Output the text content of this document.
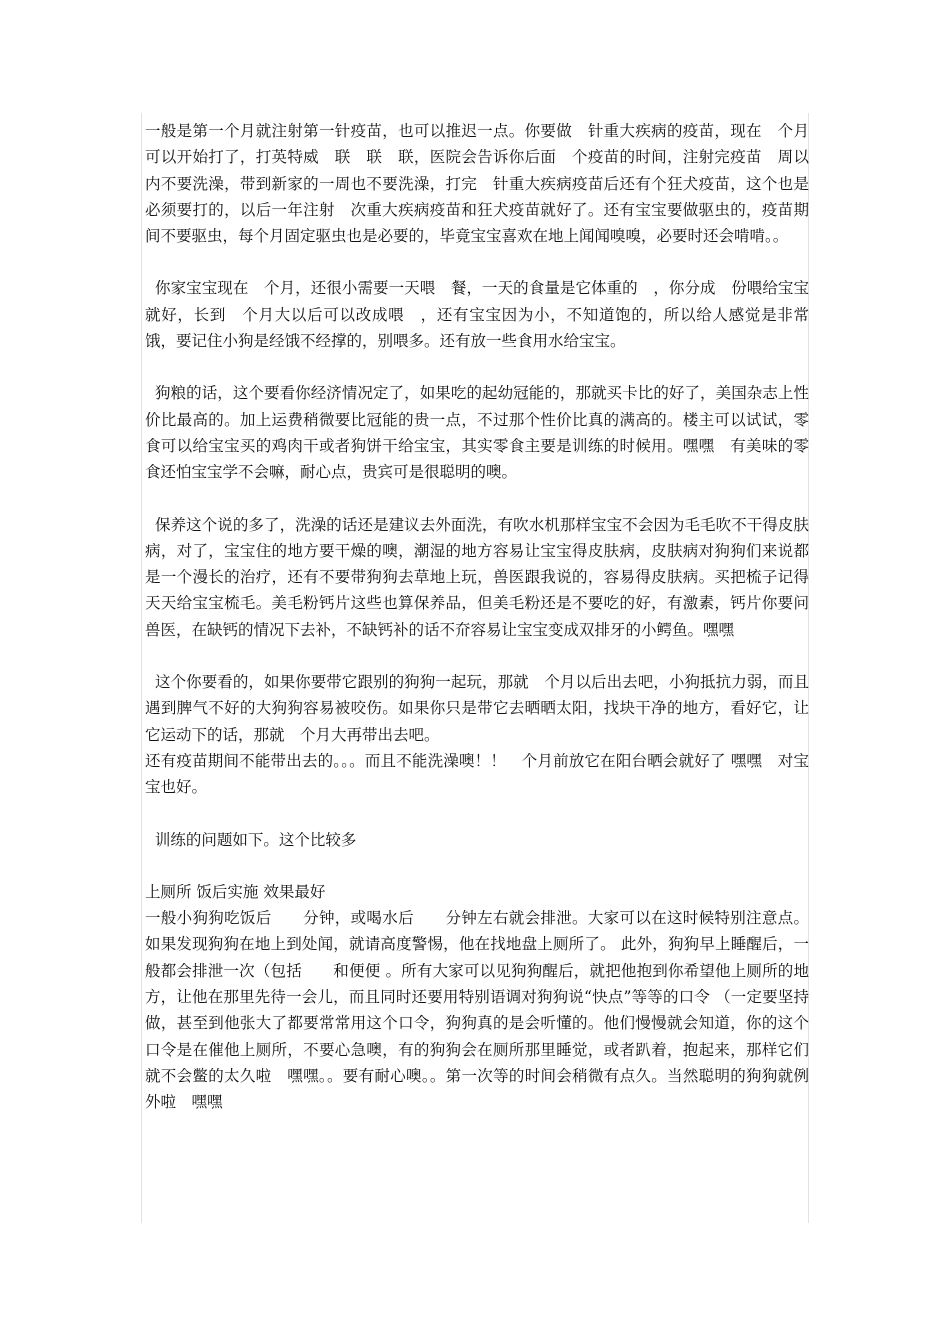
一般是第一个月就注射第一针疫苗，也可以推迟一点。你要做　针重大疾病的疫苗，现在　个月可以开始打了，打英特威　联　联　联，医院会告诉你后面　个疫苗的时间，注射完疫苗　周以内不要洗澡，带到新家的一周也不要洗澡，打完　针重大疾病疫苗后还有个狂犬疫苗，这个也是必须要打的，以后一年注射　次重大疾病疫苗和狂犬疫苗就好了。还有宝宝要做驱虫的，疫苗期间不要驱虫，每个月固定驱虫也是必要的，毕竟宝宝喜欢在地上闻闻嗅嗅，必要时还会啃啃。。

你家宝宝现在　个月，还很小需要一天喂　餐，一天的食量是它体重的　，你分成　份喂给宝宝就好，长到　个月大以后可以改成喂　，还有宝宝因为小，不知道饱的，所以给人感觉是非常饿，要记住小狗是经饿不经撑的，别喂多。还有放一些食用水给宝宝。

狗粮的话，这个要看你经济情况定了，如果吃的起幼冠能的，那就买卡比的好了，美国杂志上性价比最高的。加上运费稍微要比冠能的贵一点，不过那个性价比真的满高的。楼主可以试试，零食可以给宝宝买的鸡肉干或者狗饼干给宝宝，其实零食主要是训练的时候用。嘿嘿　有美味的零食还怕宝宝学不会嘛，耐心点，贵宾可是很聪明的噢。

保养这个说的多了，洗澡的话还是建议去外面洗，有吹水机那样宝宝不会因为毛毛吹不干得皮肤病，对了，宝宝住的地方要干燥的噢，潮湿的地方容易让宝宝得皮肤病，皮肤病对狗狗们来说都是一个漫长的治疗，还有不要带狗狗去草地上玩，兽医跟我说的，容易得皮肤病。买把梳子记得天天给宝宝梳毛。美毛粉钙片这些也算保养品，但美毛粉还是不要吃的好，有激素，钙片你要问兽医，在缺钙的情况下去补，不缺钙补的话不夼容易让宝宝变成双排牙的小鳄鱼。嘿嘿

这个你要看的，如果你要带它跟别的狗狗一起玩，那就　个月以后出去吧，小狗抵抗力弱，而且遇到脾气不好的大狗狗容易被咬伤。如果你只是带它去晒晒太阳，找块干净的地方，看好它，让它运动下的话，那就　个月大再带出去吧。

还有疫苗期间不能带出去的。。。而且不能洗澡噢！！　个月前放它在阳台晒会就好了 嘿嘿　对宝宝也好。

训练的问题如下。这个比较多

上厕所 饭后实施 效果最好

一般小狗狗吃饭后　　分钟，或喝水后　　分钟左右就会排泄。大家可以在这时候特别注意点。如果发现狗狗在地上到处闻，就请高度警惕，他在找地盘上厕所了。 此外，狗狗早上睡醒后，一般都会排泄一次（包括　　和便便 。所有大家可以见狗狗醒后，就把他抱到你希望他上厕所的地方，让他在那里先待一会儿，而且同时还要用特别语调对狗狗说“快点”等等的口令 （一定要坚持做，甚至到他张大了都要常常用这个口令，狗狗真的是会听懂的。他们慢慢就会知道，你的这个口令是在催他上厕所，不要心急噢，有的狗狗会在厕所那里睡觉，或者趴着，抱起来，那样它们就不会鳖的太久啦　嘿嘿。。要有耐心噢。。第一次等的时间会稍微有点久。当然聪明的狗狗就例外啦　嘿嘿
